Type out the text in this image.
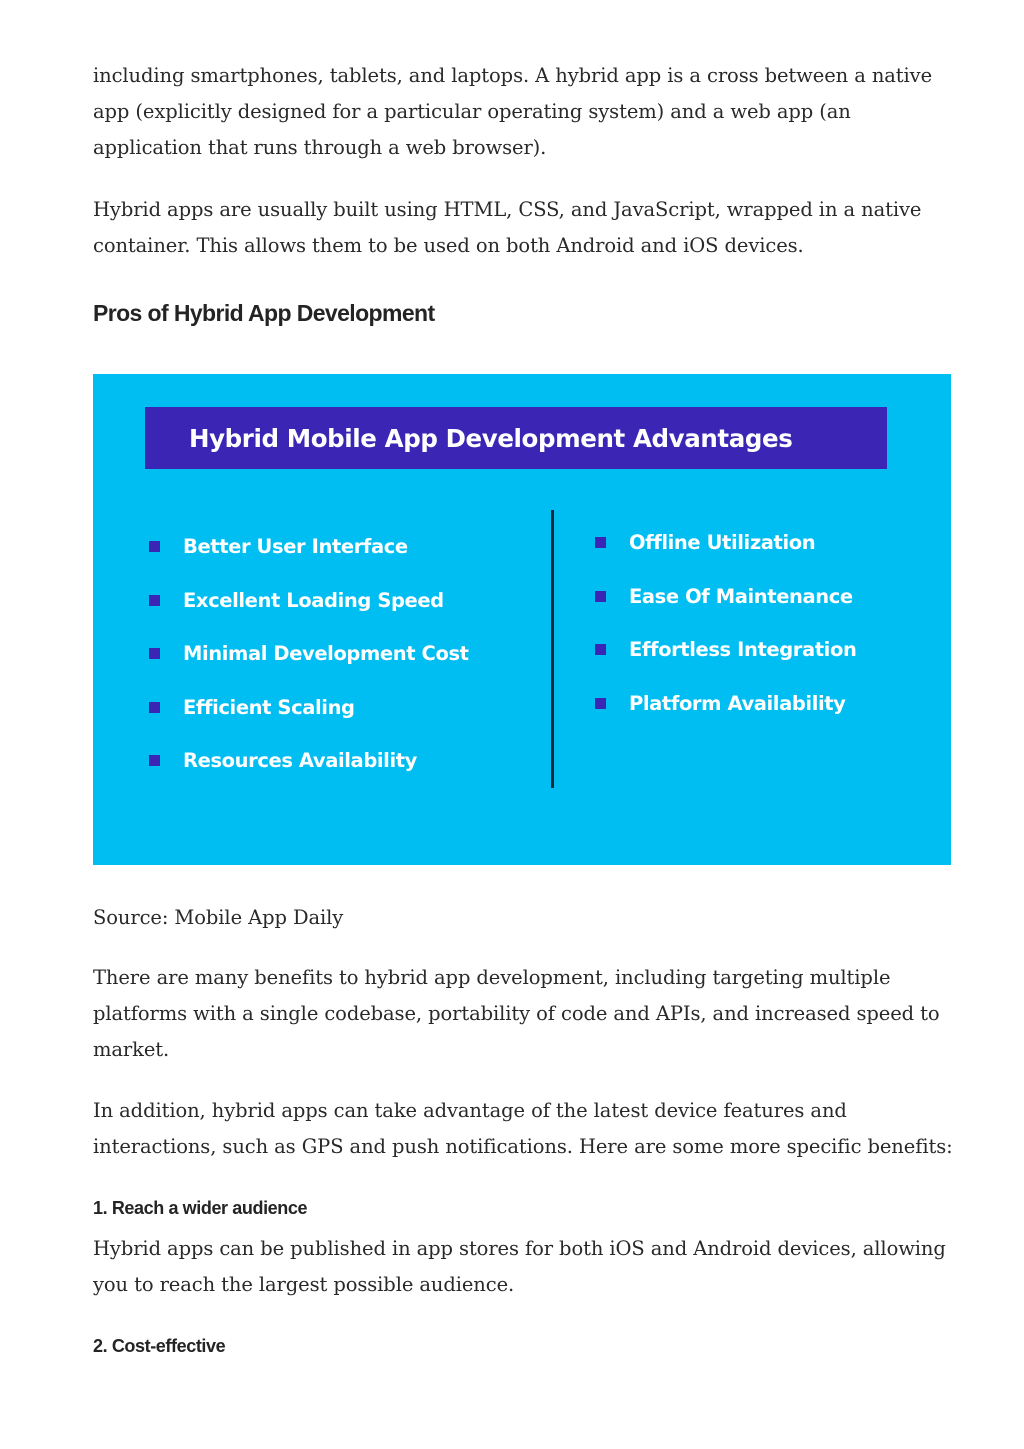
including smartphones, tablets, and laptops. A hybrid app is a cross between a native app (explicitly designed for a particular operating system) and a web app (an application that runs through a web browser).

Hybrid apps are usually built using HTML, CSS, and JavaScript, wrapped in a native container. This allows them to be used on both Android and iOS devices.

Pros of Hybrid App Development
Hybrid Mobile App Development Advantages
Better User Interface
Excellent Loading Speed
Minimal Development Cost
Efficient Scaling
Resources Availability
Offline Utilization
Ease Of Maintenance
Effortless Integration
Platform Availability

Source: Mobile App Daily

There are many benefits to hybrid app development, including targeting multiple platforms with a single codebase, portability of code and APIs, and increased speed to market.

In addition, hybrid apps can take advantage of the latest device features and interactions, such as GPS and push notifications. Here are some more specific benefits:

1. Reach a wider audience

Hybrid apps can be published in app stores for both iOS and Android devices, allowing you to reach the largest possible audience.

2. Cost-effective
